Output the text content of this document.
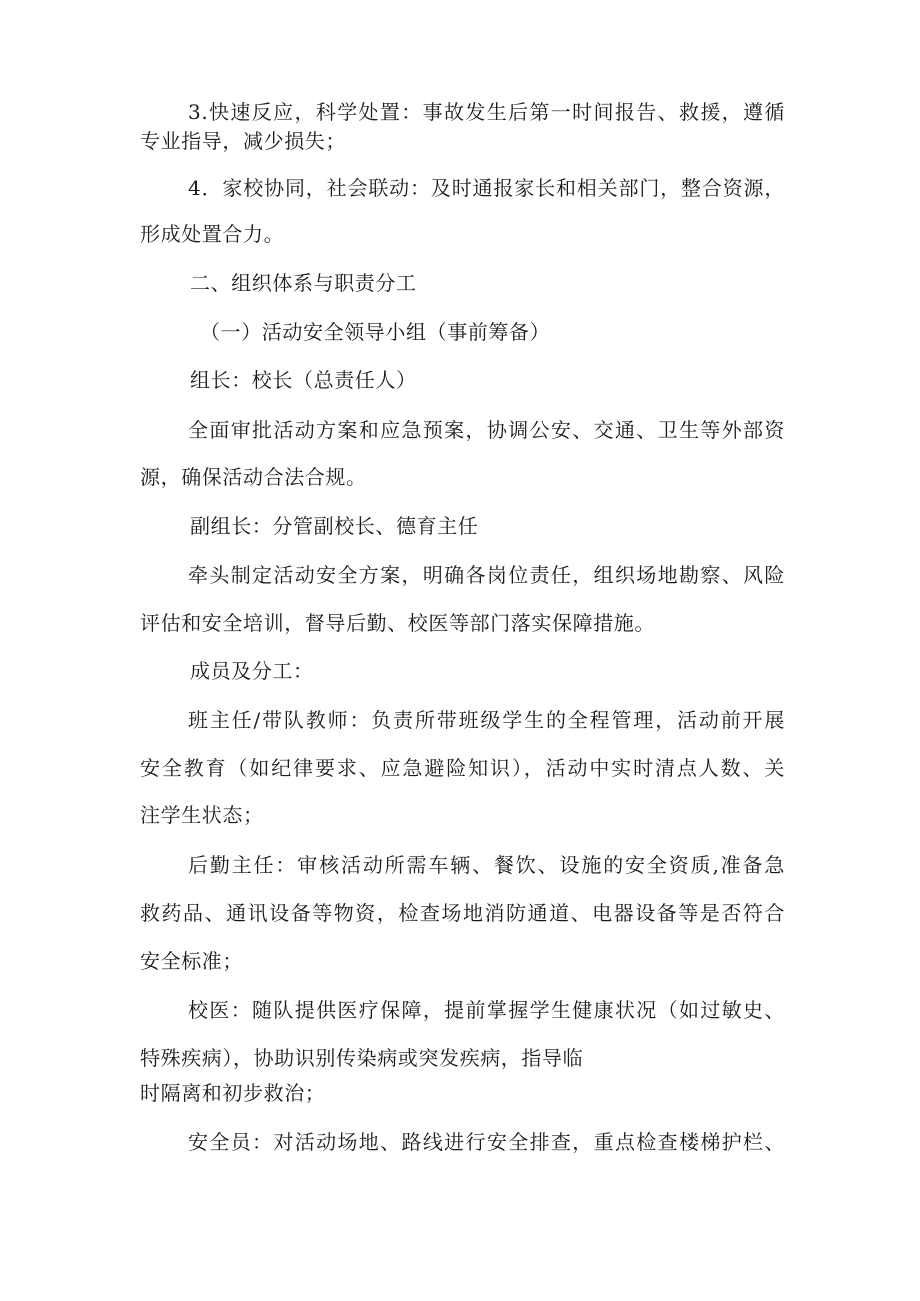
3.快速反应，科学处置：事故发生后第一时间报告、救援，遵循
专业指导，减少损失；
4．家校协同，社会联动：及时通报家长和相关部门，整合资源，
形成处置合力。
二、组织体系与职责分工
（一）活动安全领导小组（事前筹备）
组长：校长（总责任人）
全面审批活动方案和应急预案，协调公安、交通、卫生等外部资
源，确保活动合法合规。
副组长：分管副校长、德育主任
牵头制定活动安全方案，明确各岗位责任，组织场地勘察、风险
评估和安全培训，督导后勤、校医等部门落实保障措施。
成员及分工：
班主任/带队教师：负责所带班级学生的全程管理，活动前开展
安全教育（如纪律要求、应急避险知识），活动中实时清点人数、关
注学生状态；
后勤主任：审核活动所需车辆、餐饮、设施的安全资质,准备急
救药品、通讯设备等物资，检查场地消防通道、电器设备等是否符合
安全标准；
校医：随队提供医疗保障，提前掌握学生健康状况（如过敏史、
特殊疾病），协助识别传染病或突发疾病，指导临
时隔离和初步救治；
安全员：对活动场地、路线进行安全排查，重点检查楼梯护栏、
